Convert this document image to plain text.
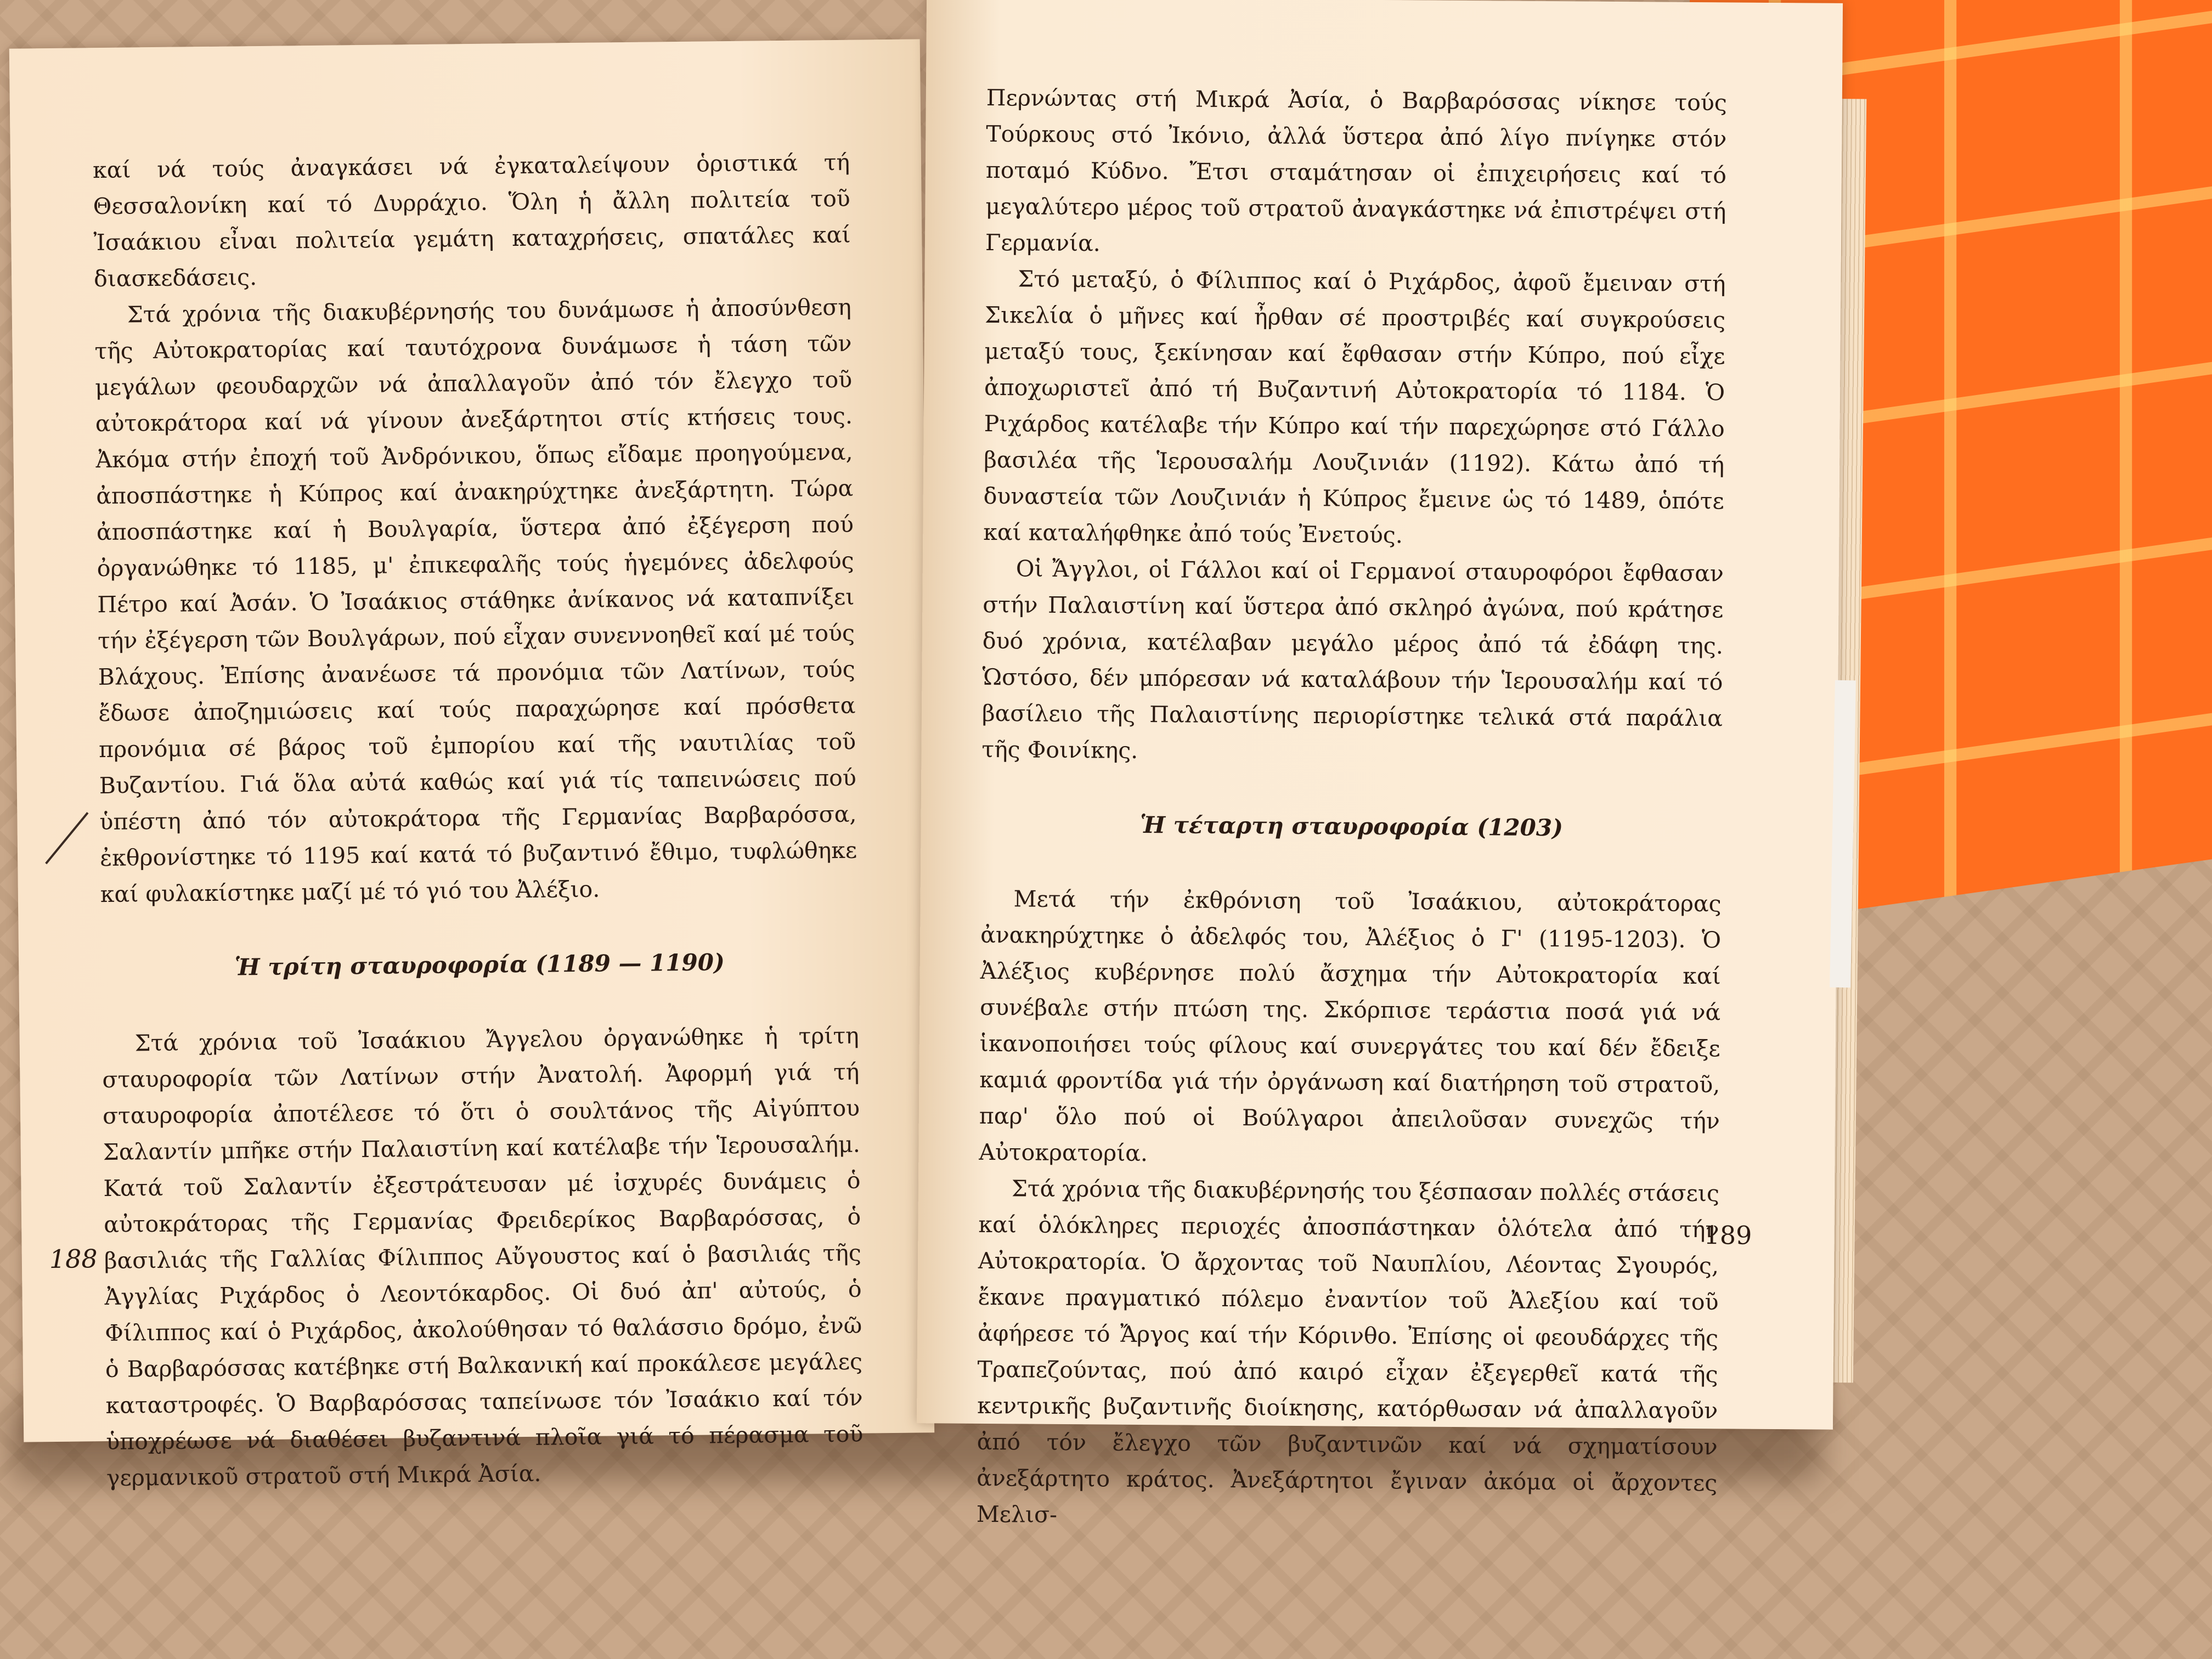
καί νά τούς ἀναγκάσει νά ἐγκαταλείψουν ὁριστικά τή Θεσσαλονίκη καί τό Δυρράχιο. Ὅλη ἡ ἄλλη πολιτεία τοῦ Ἰσαάκιου εἶναι πολιτεία γεμάτη καταχρήσεις, σπατάλες καί διασκεδάσεις.

Στά χρόνια τῆς διακυβέρνησής του δυνάμωσε ἡ ἀποσύνθεση τῆς Αὐτοκρατορίας καί ταυτόχρονα δυνάμωσε ἡ τάση τῶν μεγάλων φεουδαρχῶν νά ἀπαλλαγοῦν ἀπό τόν ἔλεγχο τοῦ αὐτοκράτορα καί νά γίνουν ἀνεξάρτητοι στίς κτήσεις τους. Ἀκόμα στήν ἐποχή τοῦ Ἀνδρόνικου, ὅπως εἴδαμε προηγούμενα, ἀποσπάστηκε ἡ Κύπρος καί ἀνακηρύχτηκε ἀνεξάρτητη. Τώρα ἀποσπάστηκε καί ἡ Βουλγαρία, ὕστερα ἀπό ἐξέγερση πού ὀργανώθηκε τό 1185, μ' ἐπικεφαλῆς τούς ἡγεμόνες ἀδελφούς Πέτρο καί Ἀσάν. Ὁ Ἰσαάκιος στάθηκε ἀνίκανος νά καταπνίξει τήν ἐξέγερση τῶν Βουλγάρων, πού εἶχαν συνεννοηθεῖ καί μέ τούς Βλάχους. Ἐπίσης ἀνανέωσε τά προνόμια τῶν Λατίνων, τούς ἔδωσε ἀποζημιώσεις καί τούς παραχώρησε καί πρόσθετα προνόμια σέ βάρος τοῦ ἐμπορίου καί τῆς ναυτιλίας τοῦ Βυζαντίου. Γιά ὅλα αὐτά καθώς καί γιά τίς ταπεινώσεις πού ὑπέστη ἀπό τόν αὐτοκράτορα τῆς Γερμανίας Βαρβαρόσσα, ἐκθρονίστηκε τό 1195 καί κατά τό βυζαντινό ἔθιμο, τυφλώθηκε καί φυλακίστηκε μαζί μέ τό γιό του Ἀλέξιο.

Ἡ τρίτη σταυροφορία (1189 — 1190)

Στά χρόνια τοῦ Ἰσαάκιου Ἄγγελου ὀργανώθηκε ἡ τρίτη σταυροφορία τῶν Λατίνων στήν Ἀνατολή. Ἀφορμή γιά τή σταυροφορία ἀποτέλεσε τό ὅτι ὁ σουλτάνος τῆς Αἰγύπτου Σαλαντίν μπῆκε στήν Παλαιστίνη καί κατέλαβε τήν Ἱερουσαλήμ. Κατά τοῦ Σαλαντίν ἐξεστράτευσαν μέ ἰσχυρές δυνάμεις ὁ αὐτοκράτορας τῆς Γερμανίας Φρειδερίκος Βαρβαρόσσας, ὁ βασιλιάς τῆς Γαλλίας Φίλιππος Αὔγουστος καί ὁ βασιλιάς τῆς Ἀγγλίας Ριχάρδος ὁ Λεοντόκαρδος. Οἱ δυό ἀπ' αὐτούς, ὁ Φίλιππος καί ὁ Ριχάρδος, ἀκολούθησαν τό θαλάσσιο δρόμο, ἐνῶ ὁ Βαρβαρόσσας κατέβηκε στή Βαλκανική καί προκάλεσε μεγάλες καταστροφές. Ὁ Βαρβαρόσσας ταπείνωσε τόν Ἰσαάκιο καί τόν ὑποχρέωσε νά διαθέσει βυζαντινά πλοῖα γιά τό πέρασμα τοῦ γερμανικοῦ στρατοῦ στή Μικρά Ἀσία.

188

Περνώντας στή Μικρά Ἀσία, ὁ Βαρβαρόσσας νίκησε τούς Τούρκους στό Ἰκόνιο, ἀλλά ὕστερα ἀπό λίγο πνίγηκε στόν ποταμό Κύδνο. Ἔτσι σταμάτησαν οἱ ἐπιχειρήσεις καί τό μεγαλύτερο μέρος τοῦ στρατοῦ ἀναγκάστηκε νά ἐπιστρέψει στή Γερμανία.

Στό μεταξύ, ὁ Φίλιππος καί ὁ Ριχάρδος, ἀφοῦ ἔμειναν στή Σικελία ὁ μῆνες καί ἦρθαν σέ προστριβές καί συγκρούσεις μεταξύ τους, ξεκίνησαν καί ἔφθασαν στήν Κύπρο, πού εἶχε ἀποχωριστεῖ ἀπό τή Βυζαντινή Αὐτοκρατορία τό 1184. Ὁ Ριχάρδος κατέλαβε τήν Κύπρο καί τήν παρεχώρησε στό Γάλλο βασιλέα τῆς Ἱερουσαλήμ Λουζινιάν (1192). Κάτω ἀπό τή δυναστεία τῶν Λουζινιάν ἡ Κύπρος ἔμεινε ὡς τό 1489, ὁπότε καί καταλήφθηκε ἀπό τούς Ἐνετούς.

Οἱ Ἄγγλοι, οἱ Γάλλοι καί οἱ Γερμανοί σταυροφόροι ἔφθασαν στήν Παλαιστίνη καί ὕστερα ἀπό σκληρό ἀγώνα, πού κράτησε δυό χρόνια, κατέλαβαν μεγάλο μέρος ἀπό τά ἐδάφη της. Ὡστόσο, δέν μπόρεσαν νά καταλάβουν τήν Ἱερουσαλήμ καί τό βασίλειο τῆς Παλαιστίνης περιορίστηκε τελικά στά παράλια τῆς Φοινίκης.

Ἡ τέταρτη σταυροφορία (1203)

Μετά τήν ἐκθρόνιση τοῦ Ἰσαάκιου, αὐτοκράτορας ἀνακηρύχτηκε ὁ ἀδελφός του, Ἀλέξιος ὁ Γ' (1195-1203). Ὁ Ἀλέξιος κυβέρνησε πολύ ἄσχημα τήν Αὐτοκρατορία καί συνέβαλε στήν πτώση της. Σκόρπισε τεράστια ποσά γιά νά ἱκανοποιήσει τούς φίλους καί συνεργάτες του καί δέν ἔδειξε καμιά φροντίδα γιά τήν ὀργάνωση καί διατήρηση τοῦ στρατοῦ, παρ' ὅλο πού οἱ Βούλγαροι ἀπειλοῦσαν συνεχῶς τήν Αὐτοκρατορία.

Στά χρόνια τῆς διακυβέρνησής του ξέσπασαν πολλές στάσεις καί ὁλόκληρες περιοχές ἀποσπάστηκαν ὁλότελα ἀπό τήν Αὐτοκρατορία. Ὁ ἄρχοντας τοῦ Ναυπλίου, Λέοντας Σγουρός, ἔκανε πραγματικό πόλεμο ἐναντίον τοῦ Ἀλεξίου καί τοῦ ἀφήρεσε τό Ἄργος καί τήν Κόρινθο. Ἐπίσης οἱ φεουδάρχες τῆς Τραπεζούντας, πού ἀπό καιρό εἶχαν ἐξεγερθεῖ κατά τῆς κεντρικῆς βυζαντινῆς διοίκησης, κατόρθωσαν νά ἀπαλλαγοῦν ἀπό τόν ἔλεγχο τῶν βυζαντινῶν καί νά σχηματίσουν ἀνεξάρτητο κράτος. Ἀνεξάρτητοι ἔγιναν ἀκόμα οἱ ἄρχοντες Μελισ-

189
